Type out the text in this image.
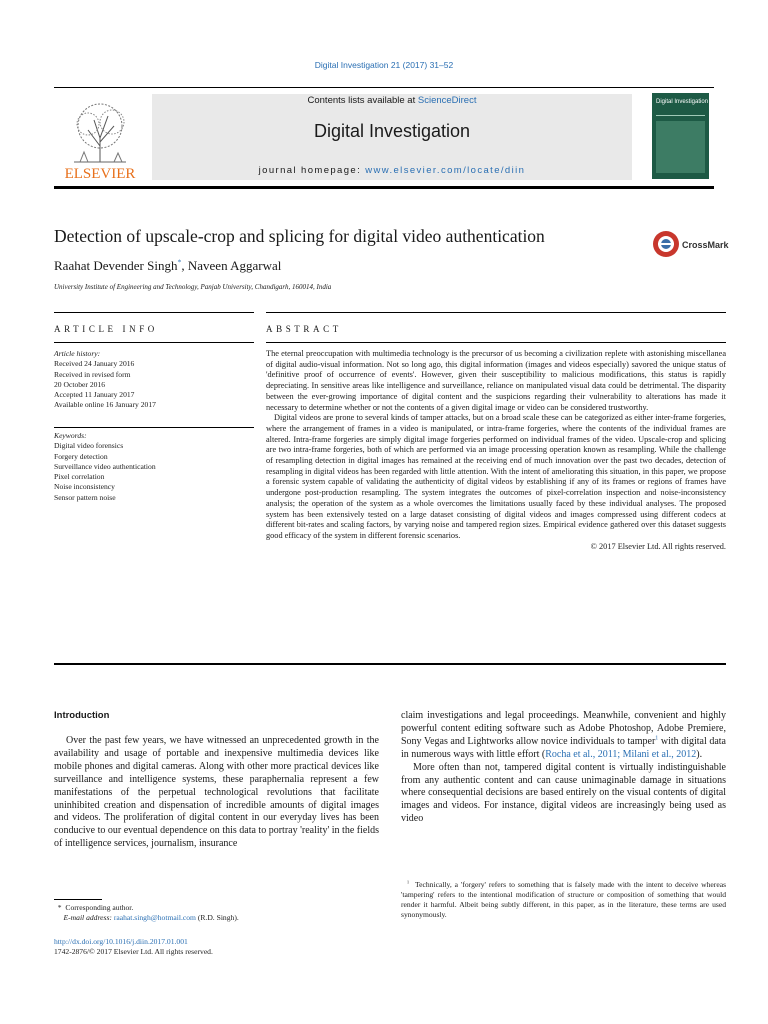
Digital Investigation 21 (2017) 31–52
ELSEVIER
Contents lists available at ScienceDirect
Digital Investigation
journal homepage: www.elsevier.com/locate/diin
Digital Investigation
Detection of upscale-crop and splicing for digital video authentication	CrossMark
Raahat Devender Singh*, Naveen Aggarwal
University Institute of Engineering and Technology, Panjab University, Chandigarh, 160014, India
ARTICLE INFO	ABSTRACT
Article history:
Received 24 January 2016
Received in revised form
20 October 2016
Accepted 11 January 2017
Available online 16 January 2017
Keywords:
Digital video forensics
Forgery detection
Surveillance video authentication
Pixel correlation
Noise inconsistency
Sensor pattern noise

The eternal preoccupation with multimedia technology is the precursor of us becoming a civilization replete with astonishing miscellanea of digital audio-visual information. Not so long ago, this digital information (images and videos especially) savored the unique status of 'definitive proof of occurrence of events'. However, given their susceptibility to malicious modifications, this status is rapidly depreciating. In sensitive areas like intelligence and surveillance, reliance on manipulated visual data could be detrimental. The disparity between the ever-growing importance of digital content and the suspicions regarding their vulnerability to alterations has made it necessary to determine whether or not the contents of a given digital image or video can be considered trustworthy.

Digital videos are prone to several kinds of tamper attacks, but on a broad scale these can be categorized as either inter-frame forgeries, where the arrangement of frames in a video is manipulated, or intra-frame forgeries, where the contents of the individual frames are altered. Intra-frame forgeries are simply digital image forgeries performed on individual frames of the video. Upscale-crop and splicing are two intra-frame forgeries, both of which are performed via an image processing operation known as resampling. While the challenge of resampling detection in digital images has remained at the receiving end of much innovation over the past two decades, detection of resampling in digital videos has been regarded with little attention. With the intent of ameliorating this situation, in this paper, we propose a forensic system capable of validating the authenticity of digital videos by establishing if any of its frames or regions of frames have undergone post-production resampling. The system integrates the outcomes of pixel-correlation inspection and noise-inconsistency analysis; the operation of the system as a whole overcomes the limitations usually faced by these individual analyses. The proposed system has been extensively tested on a large dataset consisting of digital videos and images compressed using different codecs at different bit-rates and scaling factors, by varying noise and tampered region sizes. Empirical evidence gathered over this dataset suggests good efficacy of the system in different forensic scenarios.

© 2017 Elsevier Ltd. All rights reserved.
Introduction

Over the past few years, we have witnessed an unprecedented growth in the availability and usage of portable and inexpensive multimedia devices like mobile phones and digital cameras. Along with other more practical devices like surveillance and intelligence systems, these paraphernalia represent a few manifestations of the perpetual technological revolutions that facilitate uninhibited creation and dispensation of incredible amounts of digital images and videos. The proliferation of digital content in our everyday lives has been conducive to our eventual dependence on this data to portray 'reality' in the fields of intelligence services, journalism, insurance

claim investigations and legal proceedings. Meanwhile, convenient and highly powerful content editing software such as Adobe Photoshop, Adobe Premiere, Sony Vegas and Lightworks allow novice individuals to tamper$^1$ with digital data in numerous ways with little effort (Rocha et al., 2011; Milani et al., 2012).

More often than not, tampered digital content is virtually indistinguishable from any authentic content and can cause unimaginable damage in situations where consequential decisions are based entirely on the visual contents of digital images and videos. For instance, digital videos are increasingly being used as video

* Corresponding author.
E-mail address: raahat.singh@hotmail.com (R.D. Singh).
$^1$ Technically, a 'forgery' refers to something that is falsely made with the intent to deceive whereas 'tampering' refers to the intentional modification of structure or composition of something that would render it harmful. Albeit being subtly different, in this paper, as in the literature, these terms are used synonymously.
http://dx.doi.org/10.1016/j.diin.2017.01.001
1742-2876/© 2017 Elsevier Ltd. All rights reserved.
